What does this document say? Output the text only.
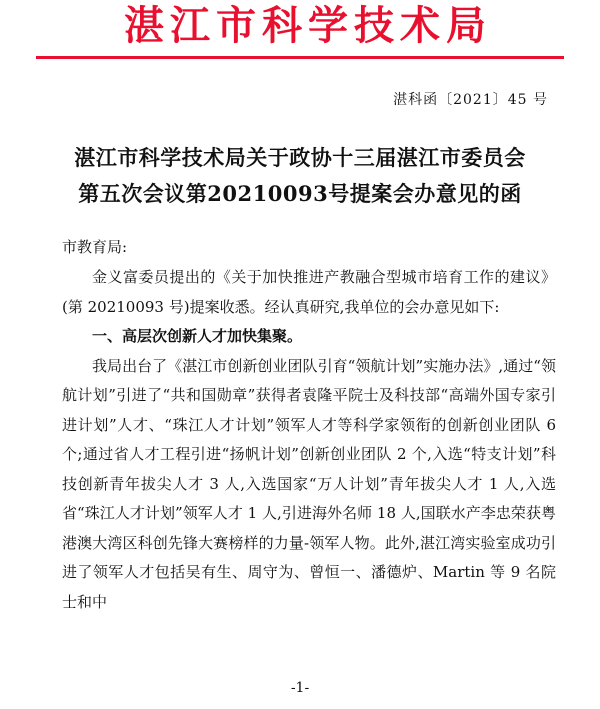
湛江市科学技术局
湛科函〔2021〕45 号
湛江市科学技术局关于政协十三届湛江市委员会
第五次会议第20210093号提案会办意见的函
市教育局:

金义富委员提出的《关于加快推进产教融合型城市培育工作的建议》(第 20210093 号)提案收悉。经认真研究,我单位的会办意见如下:

一、高层次创新人才加快集聚。

我局出台了《湛江市创新创业团队引育“领航计划”实施办法》,通过“领航计划”引进了“共和国勋章”获得者袁隆平院士及科技部“高端外国专家引进计划”人才、“珠江人才计划”领军人才等科学家领衔的创新创业团队 6 个;通过省人才工程引进“扬帆计划”创新创业团队 2 个,入选“特支计划”科技创新青年拔尖人才 3 人,入选国家“万人计划”青年拔尖人才 1 人,入选省“珠江人才计划”领军人才 1 人,引进海外名师 18 人,国联水产李忠荣获粤港澳大湾区科创先锋大赛榜样的力量-领军人物。此外,湛江湾实验室成功引进了领军人才包括吴有生、周守为、曾恒一、潘德炉、Martin 等 9 名院士和中

-1-
